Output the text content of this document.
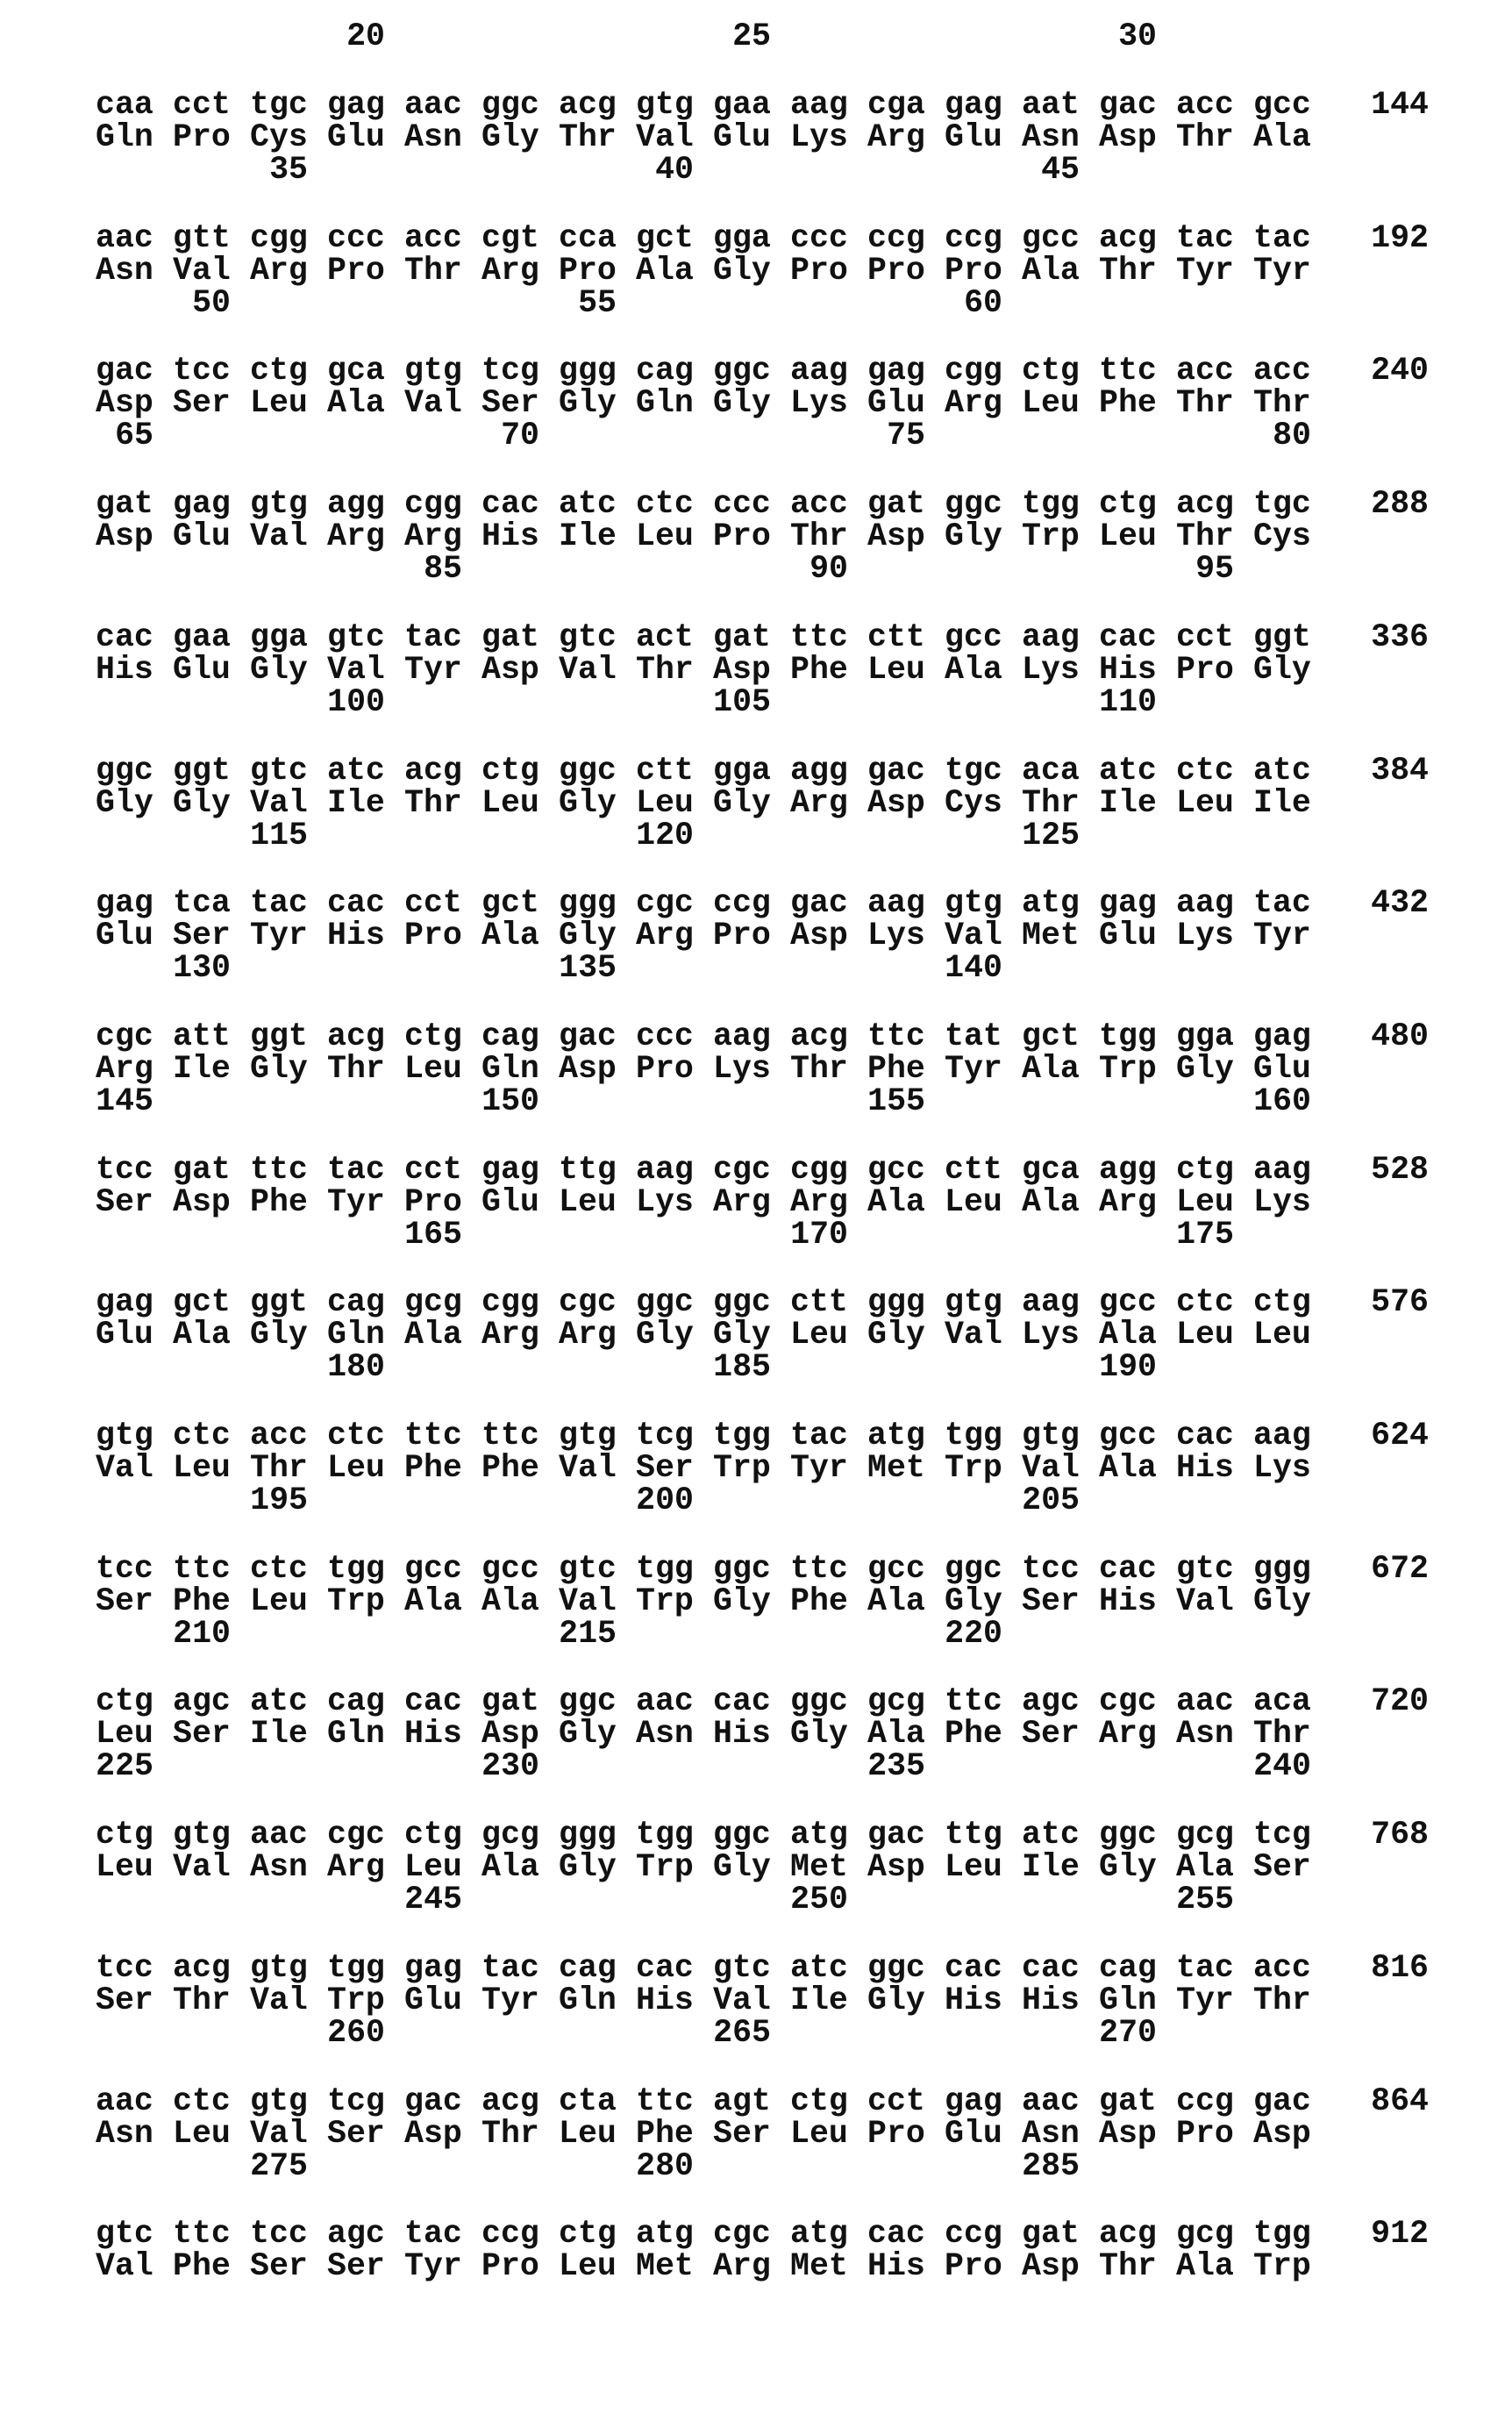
20	25	30
caa cct tgc gag aac ggc acg gtg gaa aag cga gag aat gac acc gcc 144
Gln Pro Cys Glu Asn Gly Thr Val Glu Lys Arg Glu Asn Asp Thr Ala
35	40	45
aac gtt cgg ccc acc cgt cca gct gga ccc ccg ccg gcc acg tac tac 192
Asn Val Arg Pro Thr Arg Pro Ala Gly Pro Pro Pro Ala Thr Tyr Tyr
50	55	60
gac tcc ctg gca gtg tcg ggg cag ggc aag gag cgg ctg ttc acc acc 240
Asp Ser Leu Ala Val Ser Gly Gln Gly Lys Glu Arg Leu Phe Thr Thr
65	70	75	80
gat gag gtg agg cgg cac atc ctc ccc acc gat ggc tgg ctg acg tgc 288
Asp Glu Val Arg Arg His Ile Leu Pro Thr Asp Gly Trp Leu Thr Cys
85	90	95
cac gaa gga gtc tac gat gtc act gat ttc ctt gcc aag cac cct ggt 336
His Glu Gly Val Tyr Asp Val Thr Asp Phe Leu Ala Lys His Pro Gly
100	105	110
ggc ggt gtc atc acg ctg ggc ctt gga agg gac tgc aca atc ctc atc 384
Gly Gly Val Ile Thr Leu Gly Leu Gly Arg Asp Cys Thr Ile Leu Ile
115	120	125
gag tca tac cac cct gct ggg cgc ccg gac aag gtg atg gag aag tac 432
Glu Ser Tyr His Pro Ala Gly Arg Pro Asp Lys Val Met Glu Lys Tyr
130	135	140
cgc att ggt acg ctg cag gac ccc aag acg ttc tat gct tgg gga gag 480
Arg Ile Gly Thr Leu Gln Asp Pro Lys Thr Phe Tyr Ala Trp Gly Glu
145	150	155	160
tcc gat ttc tac cct gag ttg aag cgc cgg gcc ctt gca agg ctg aag 528
Ser Asp Phe Tyr Pro Glu Leu Lys Arg Arg Ala Leu Ala Arg Leu Lys
165	170	175
gag gct ggt cag gcg cgg cgc ggc ggc ctt ggg gtg aag gcc ctc ctg 576
Glu Ala Gly Gln Ala Arg Arg Gly Gly Leu Gly Val Lys Ala Leu Leu
180	185	190
gtg ctc acc ctc ttc ttc gtg tcg tgg tac atg tgg gtg gcc cac aag 624
Val Leu Thr Leu Phe Phe Val Ser Trp Tyr Met Trp Val Ala His Lys
195	200	205
tcc ttc ctc tgg gcc gcc gtc tgg ggc ttc gcc ggc tcc cac gtc ggg 672
Ser Phe Leu Trp Ala Ala Val Trp Gly Phe Ala Gly Ser His Val Gly
210	215	220
ctg agc atc cag cac gat ggc aac cac ggc gcg ttc agc cgc aac aca 720
Leu Ser Ile Gln His Asp Gly Asn His Gly Ala Phe Ser Arg Asn Thr
225	230	235	240
ctg gtg aac cgc ctg gcg ggg tgg ggc atg gac ttg atc ggc gcg tcg 768
Leu Val Asn Arg Leu Ala Gly Trp Gly Met Asp Leu Ile Gly Ala Ser
245	250	255
tcc acg gtg tgg gag tac cag cac gtc atc ggc cac cac cag tac acc 816
Ser Thr Val Trp Glu Tyr Gln His Val Ile Gly His His Gln Tyr Thr
260	265	270
aac ctc gtg tcg gac acg cta ttc agt ctg cct gag aac gat ccg gac 864
Asn Leu Val Ser Asp Thr Leu Phe Ser Leu Pro Glu Asn Asp Pro Asp
275	280	285
gtc ttc tcc agc tac ccg ctg atg cgc atg cac ccg gat acg gcg tgg 912
Val Phe Ser Ser Tyr Pro Leu Met Arg Met His Pro Asp Thr Ala Trp
